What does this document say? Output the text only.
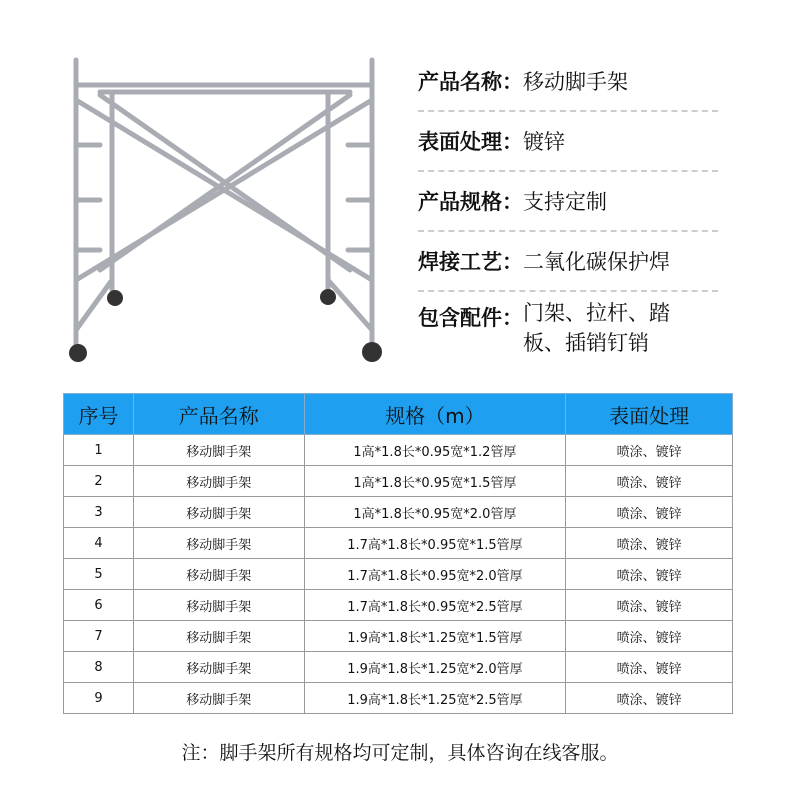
产品名称： 移动脚手架
表面处理： 镀锌
产品规格： 支持定制
焊接工艺： 二氧化碳保护焊
包含配件： 门架、拉杆、踏板、插销钉销
序号	产品名称	规格（m）	表面处理
1	移动脚手架	1高*1.8长*0.95宽*1.2管厚	喷涂、镀锌
2	移动脚手架	1高*1.8长*0.95宽*1.5管厚	喷涂、镀锌
3	移动脚手架	1高*1.8长*0.95宽*2.0管厚	喷涂、镀锌
4	移动脚手架	1.7高*1.8长*0.95宽*1.5管厚	喷涂、镀锌
5	移动脚手架	1.7高*1.8长*0.95宽*2.0管厚	喷涂、镀锌
6	移动脚手架	1.7高*1.8长*0.95宽*2.5管厚	喷涂、镀锌
7	移动脚手架	1.9高*1.8长*1.25宽*1.5管厚	喷涂、镀锌
8	移动脚手架	1.9高*1.8长*1.25宽*2.0管厚	喷涂、镀锌
9	移动脚手架	1.9高*1.8长*1.25宽*2.5管厚	喷涂、镀锌
注：脚手架所有规格均可定制，具体咨询在线客服。
